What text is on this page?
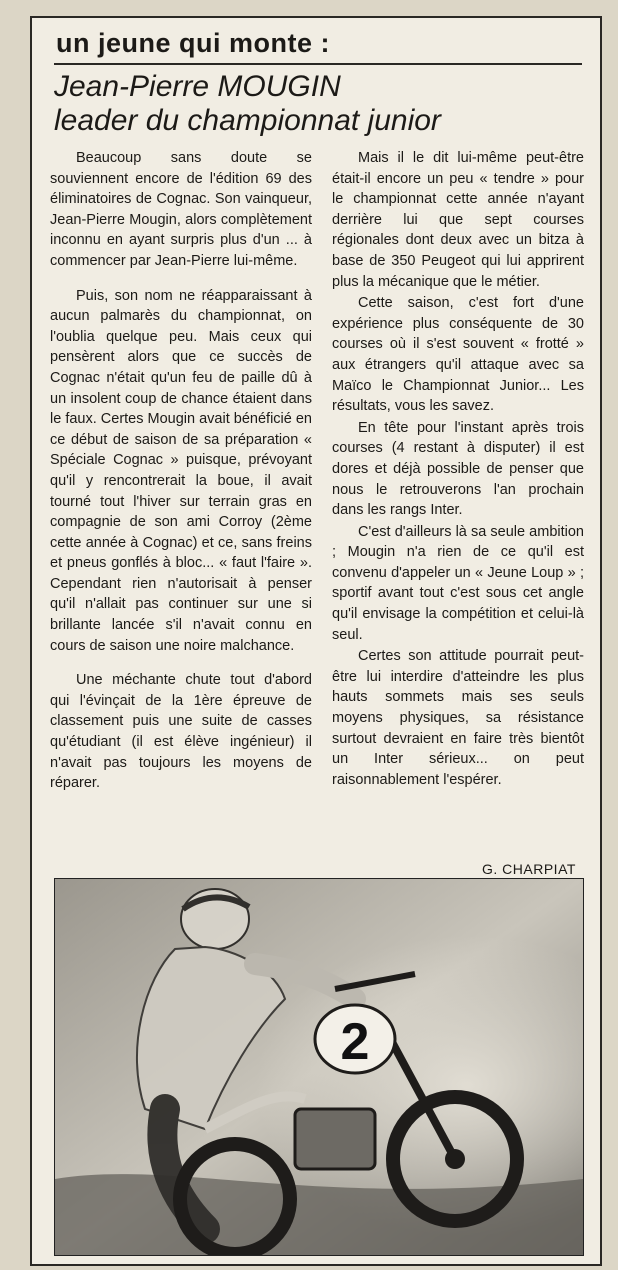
un jeune qui monte :
Jean-Pierre MOUGIN
leader du championnat junior

Beaucoup sans doute se souviennent encore de l'édition 69 des éliminatoires de Cognac. Son vainqueur, Jean-Pierre Mougin, alors complètement inconnu en ayant surpris plus d'un ... à commencer par Jean-Pierre lui-même.

Puis, son nom ne réapparaissant à aucun palmarès du championnat, on l'oublia quelque peu. Mais ceux qui pensèrent alors que ce succès de Cognac n'était qu'un feu de paille dû à un insolent coup de chance étaient dans le faux. Certes Mougin avait bénéficié en ce début de saison de sa préparation « Spéciale Cognac » puisque, prévoyant qu'il y rencontrerait la boue, il avait tourné tout l'hiver sur terrain gras en compagnie de son ami Corroy (2ème cette année à Cognac) et ce, sans freins et pneus gonflés à bloc... « faut l'faire ». Cependant rien n'autorisait à penser qu'il n'allait pas continuer sur une si brillante lancée s'il n'avait connu en cours de saison une noire malchance.

Une méchante chute tout d'abord qui l'évinçait de la 1ère épreuve de classement puis une suite de casses qu'étudiant (il est élève ingénieur) il n'avait pas toujours les moyens de réparer.

Mais il le dit lui-même peut-être était-il encore un peu « tendre » pour le championnat cette année n'ayant derrière lui que sept courses régionales dont deux avec un bitza à base de 350 Peugeot qui lui apprirent plus la mécanique que le métier.

Cette saison, c'est fort d'une expérience plus conséquente de 30 courses où il s'est souvent « frotté » aux étrangers qu'il attaque avec sa Maïco le Championnat Junior... Les résultats, vous les savez.

En tête pour l'instant après trois courses (4 restant à disputer) il est dores et déjà possible de penser que nous le retrouverons l'an prochain dans les rangs Inter.

C'est d'ailleurs là sa seule ambition ; Mougin n'a rien de ce qu'il est convenu d'appeler un « Jeune Loup » ; sportif avant tout c'est sous cet angle qu'il envisage la compétition et celui-là seul.

Certes son attitude pourrait peut-être lui interdire d'atteindre les plus hauts sommets mais ses seuls moyens physiques, sa résistance surtout devraient en faire très bientôt un Inter sérieux... on peut raisonnablement l'espérer.

G. CHARPIAT
2
